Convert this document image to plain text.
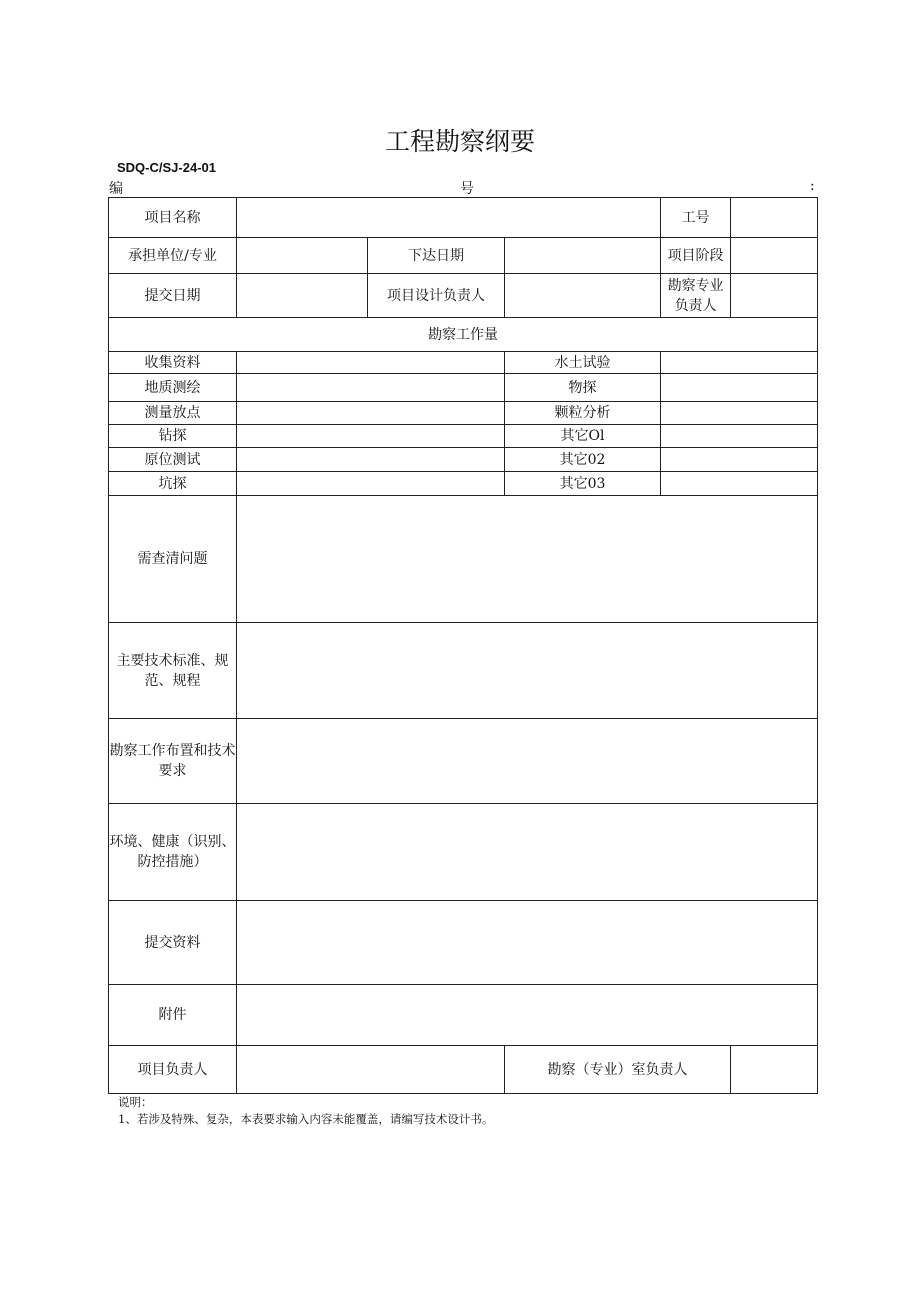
工程勘察纲要
SDQ-C/SJ-24-01
编	号	:
项目名称				工号	
承担单位/专业		下达日期		项目阶段	
提交日期		项目设计负责人		勘察专业负责人	
勘察工作量					
收集资料			水土试验		
地质测绘			物探		
测量放点			颗粒分析		
钻探			其它Ol		
原位测试			其它02		
坑探			其它03		
需查清问题					
主要技术标准、规范、规程					
勘察工作布置和技术要求					
环境、健康（识别、防控措施）					
提交资料					
附件					
项目负责人			勘察（专业）室负责人		
说明：
1、若涉及特殊、复杂，本表要求输入内容未能覆盖，请编写技术设计书。
